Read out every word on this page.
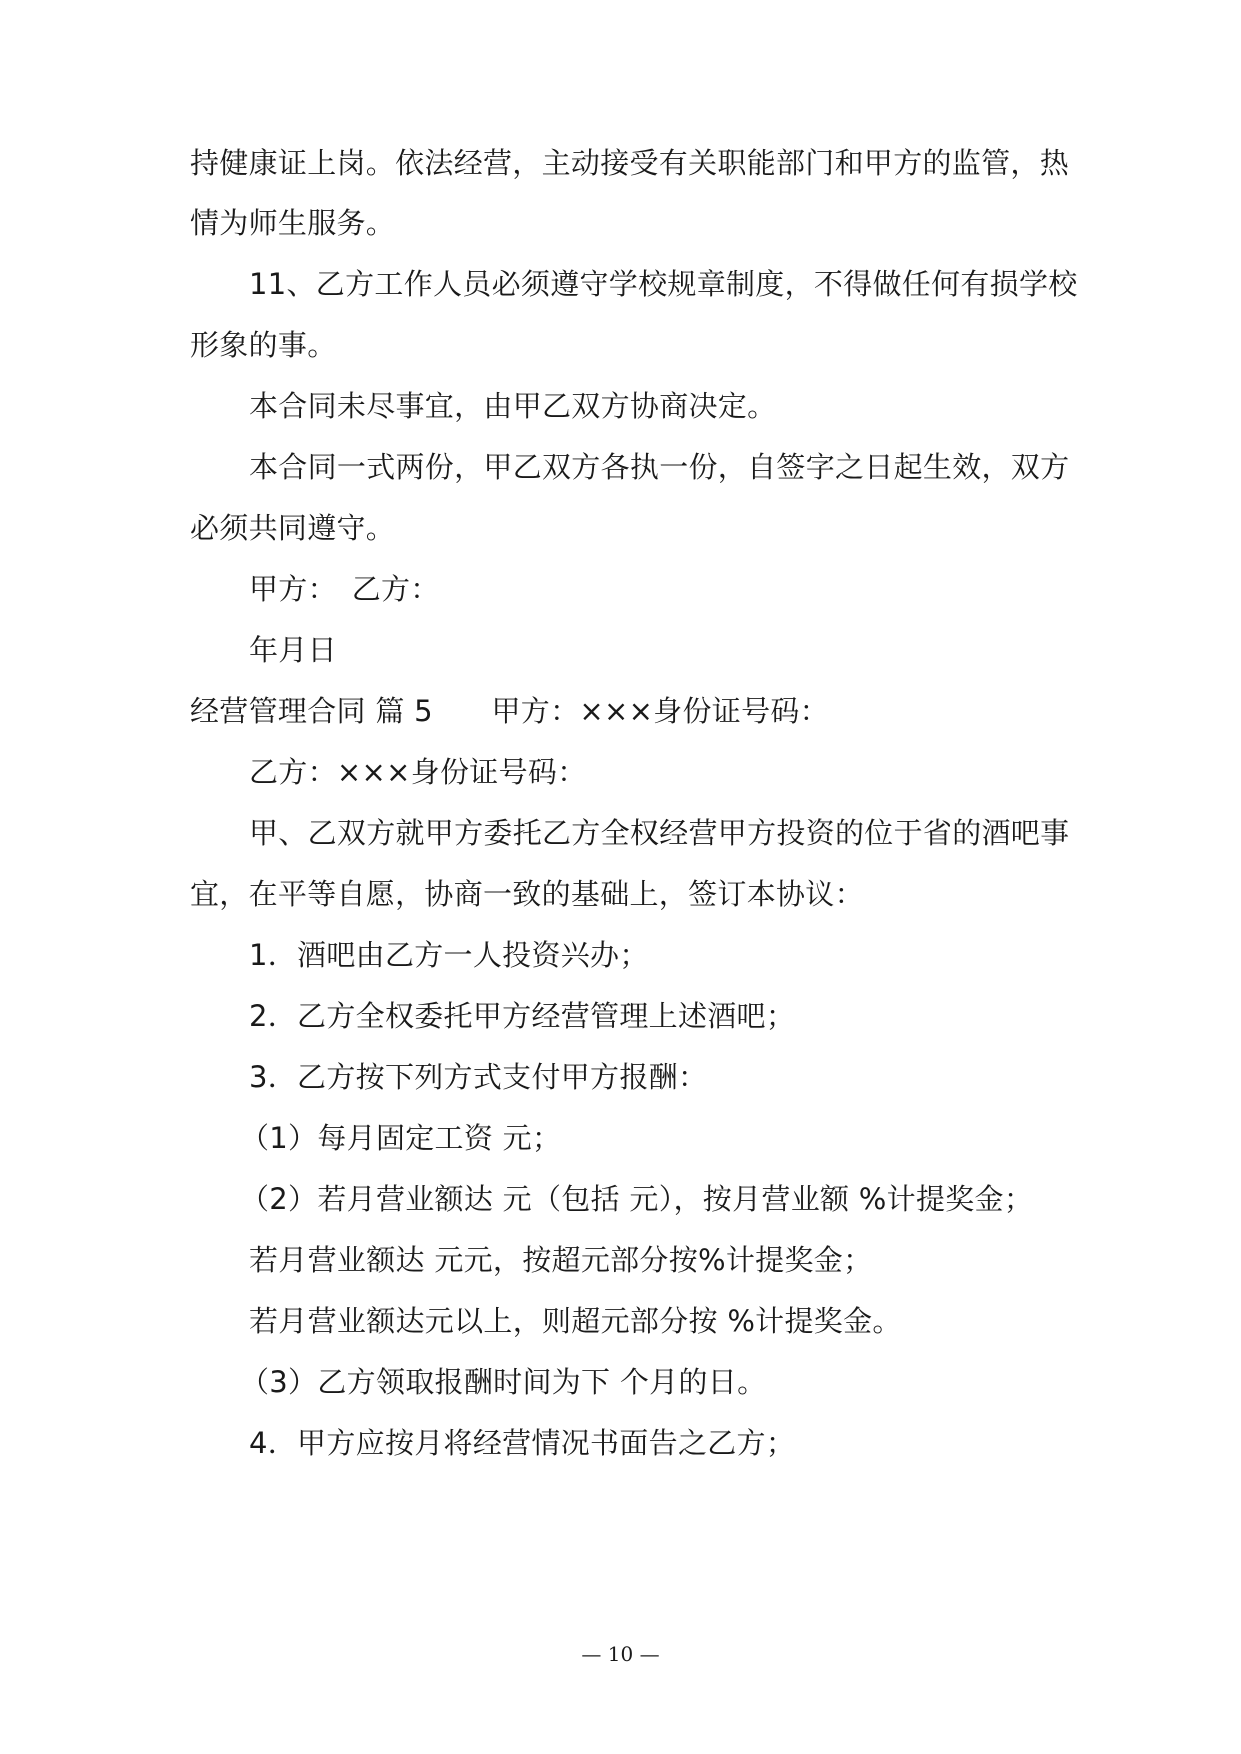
持健康证上岗。依法经营，主动接受有关职能部门和甲方的监管，热
情为师生服务。
11、乙方工作人员必须遵守学校规章制度，不得做任何有损学校
形象的事。
本合同未尽事宜，由甲乙双方协商决定。
本合同一式两份，甲乙双方各执一份，自签字之日起生效，双方
必须共同遵守。
甲方：　乙方：
年月日
经营管理合同 篇 5　　甲方：×××身份证号码：
乙方：×××身份证号码：
甲、乙双方就甲方委托乙方全权经营甲方投资的位于省的酒吧事
宜，在平等自愿，协商一致的基础上，签订本协议：
1．酒吧由乙方一人投资兴办；
2．乙方全权委托甲方经营管理上述酒吧；
3．乙方按下列方式支付甲方报酬：
（1）每月固定工资 元；
（2）若月营业额达 元（包括 元），按月营业额 %计提奖金；
若月营业额达 元元，按超元部分按%计提奖金；
若月营业额达元以上，则超元部分按 %计提奖金。
（3）乙方领取报酬时间为下 个月的日。
4．甲方应按月将经营情况书面告之乙方；
— 10 —
